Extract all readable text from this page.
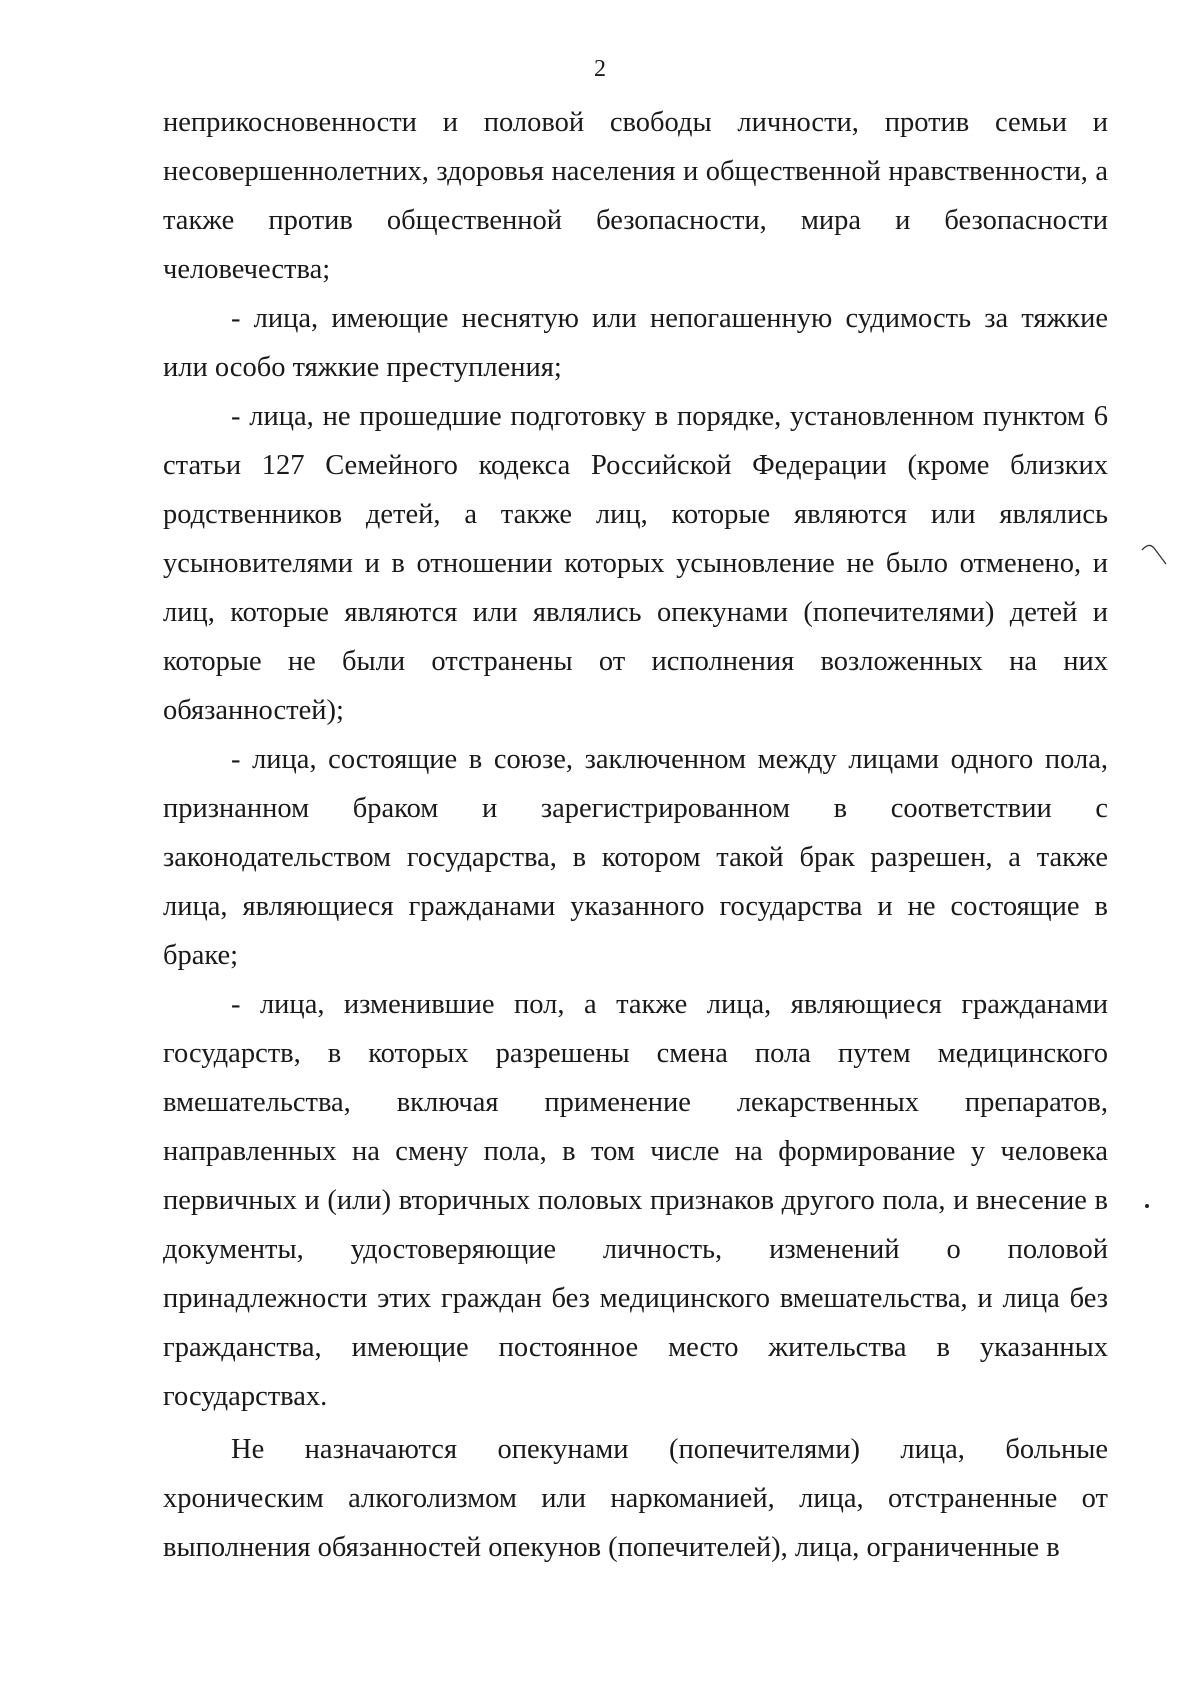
2

неприкосновенности и половой свободы личности, против семьи и несовершеннолетних, здоровья населения и общественной нравственности, а также против общественной безопасности, мира и безопасности человечества;

- лица, имеющие неснятую или непогашенную судимость за тяжкие или особо тяжкие преступления;

- лица, не прошедшие подготовку в порядке, установленном пунктом 6 статьи 127 Семейного кодекса Российской Федерации (кроме близких родственников детей, а также лиц, которые являются или являлись усыновителями и в отношении которых усыновление не было отменено, и лиц, которые являются или являлись опекунами (попечителями) детей и которые не были отстранены от исполнения возложенных на них обязанностей);

- лица, состоящие в союзе, заключенном между лицами одного пола, признанном браком и зарегистрированном в соответствии с законодательством государства, в котором такой брак разрешен, а также лица, являющиеся гражданами указанного государства и не состоящие в браке;

- лица, изменившие пол, а также лица, являющиеся гражданами государств, в которых разрешены смена пола путем медицинского вмешательства, включая применение лекарственных препаратов, направленных на смену пола, в том числе на формирование у человека первичных и (или) вторичных половых признаков другого пола, и внесение в документы, удостоверяющие личность, изменений о половой принадлежности этих граждан без медицинского вмешательства, и лица без гражданства, имеющие постоянное место жительства в указанных государствах.

Не назначаются опекунами (попечителями) лица, больные хроническим алкоголизмом или наркоманией, лица, отстраненные от выполнения обязанностей опекунов (попечителей), лица, ограниченные в
